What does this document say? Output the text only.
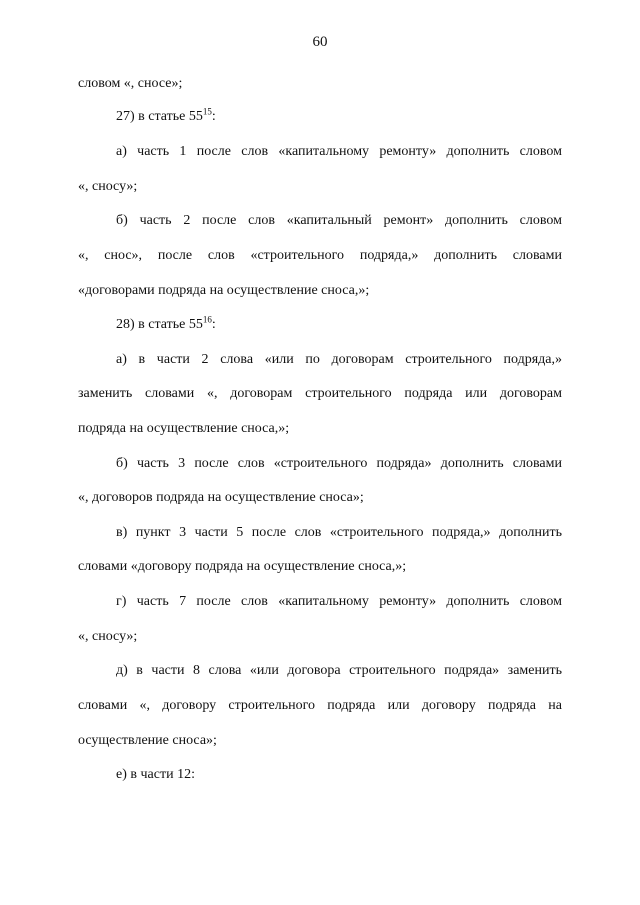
60
словом «, сносе»;
27) в статье $55^{15}$:
а) часть 1 после слов «капитальному ремонту» дополнить словом
«, сносу»;
б) часть 2 после слов «капитальный ремонт» дополнить словом
«, снос», после слов «строительного подряда,» дополнить словами
«договорами подряда на осуществление сноса,»;
28) в статье $55^{16}$:
а) в части 2 слова «или по договорам строительного подряда,»
заменить словами «, договорам строительного подряда или договорам
подряда на осуществление сноса,»;
б) часть 3 после слов «строительного подряда» дополнить словами
«, договоров подряда на осуществление сноса»;
в) пункт 3 части 5 после слов «строительного подряда,» дополнить
словами «договору подряда на осуществление сноса,»;
г) часть 7 после слов «капитальному ремонту» дополнить словом
«, сносу»;
д) в части 8 слова «или договора строительного подряда» заменить
словами «, договору строительного подряда или договору подряда на
осуществление сноса»;
е) в части 12:
